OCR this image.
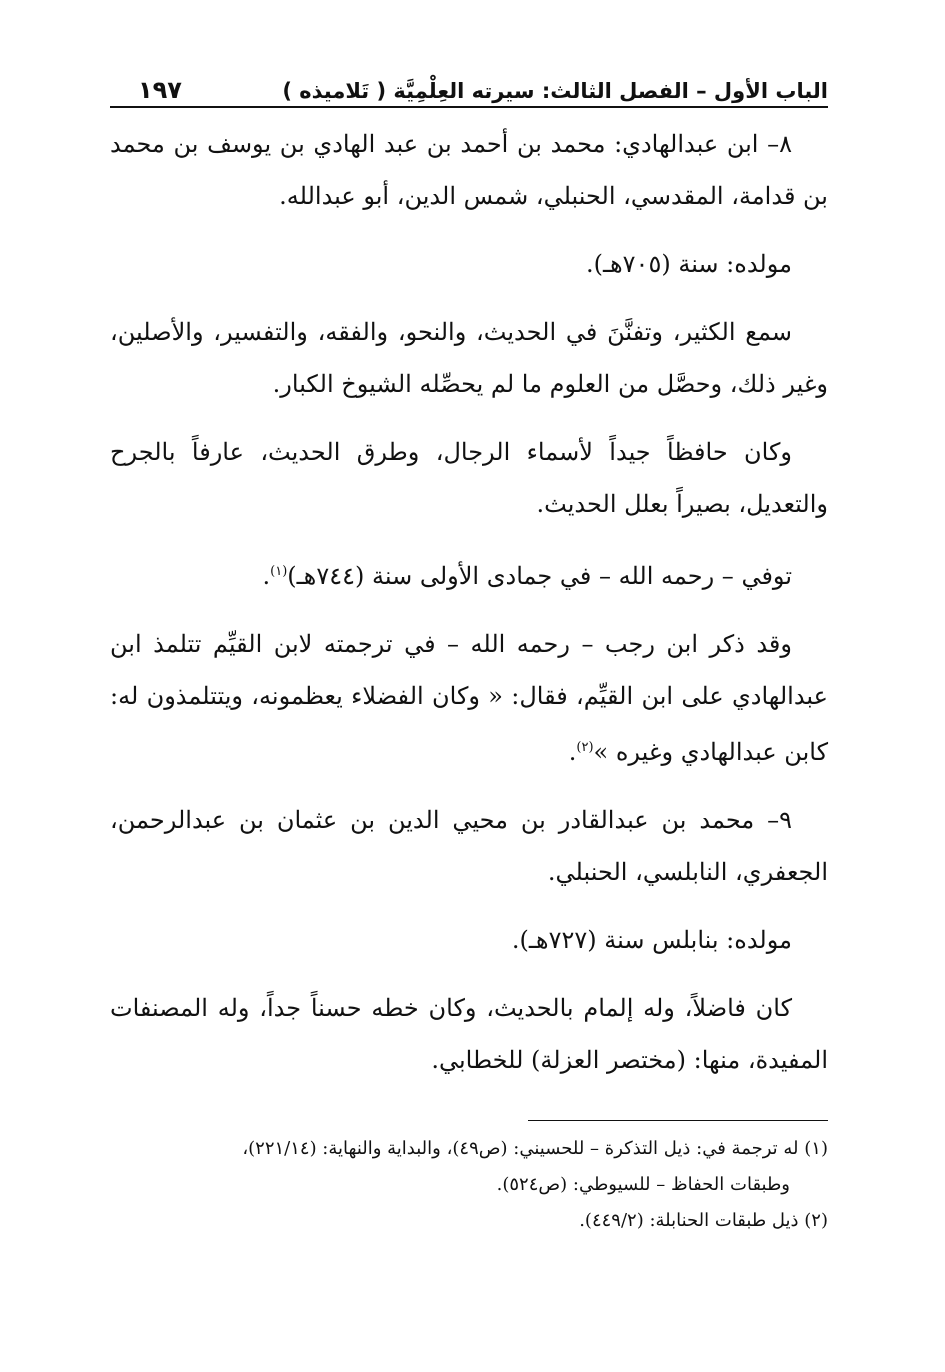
الباب الأول – الفصل الثالث: سيرته العِلْمِيَّة ( تَلاميذه )
١٩٧

٨– ابن عبدالهادي: محمد بن أحمد بن عبد الهادي بن يوسف بن محمد بن قدامة، المقدسي، الحنبلي، شمس الدين، أبو عبدالله.

مولده: سنة (٧٠٥هـ).

سمع الكثير، وتفنَّنَ في الحديث، والنحو، والفقه، والتفسير، والأصلين، وغير ذلك، وحصَّل من العلوم ما لم يحصِّله الشيوخ الكبار.

وكان حافظاً جيداً لأسماء الرجال، وطرق الحديث، عارفاً بالجرح والتعديل، بصيراً بعلل الحديث.

توفي – رحمه الله – في جمادى الأولى سنة (٧٤٤هـ)$^{(١)}$.

وقد ذكر ابن رجب – رحمه الله – في ترجمته لابن القيِّم تتلمذ ابن عبدالهادي على ابن القيِّم، فقال: « وكان الفضلاء يعظمونه، ويتتلمذون له: كابن عبدالهادي وغيره »$^{(٢)}$.

٩– محمد بن عبدالقادر بن محيي الدين بن عثمان بن عبدالرحمن، الجعفري، النابلسي، الحنبلي.

مولده: بنابلس سنة (٧٢٧هـ).

كان فاضلاً، وله إلمام بالحديث، وكان خطه حسناً جداً، وله المصنفات المفيدة، منها: (مختصر العزلة) للخطابي.

(١) له ترجمة في: ذيل التذكرة – للحسيني: (ص٤٩)، والبداية والنهاية: (٢٢١/١٤)،
وطبقات الحفاظ – للسيوطي: (ص٥٢٤).

(٢) ذيل طبقات الحنابلة: (٤٤٩/٢).
